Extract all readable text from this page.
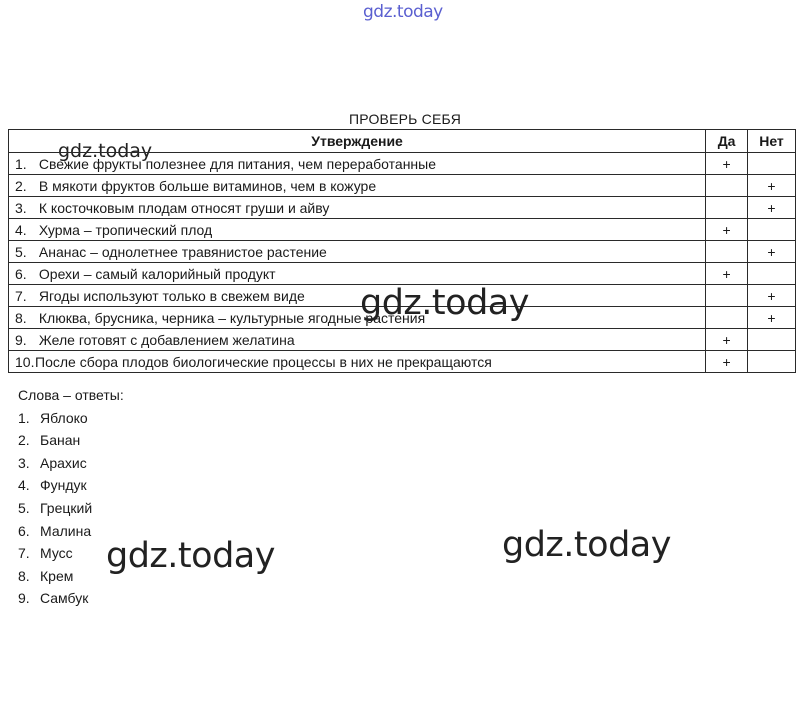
gdz.today
gdz.today
ПРОВЕРЬ СЕБЯ
Утверждение	Да	Нет
1. Свежие фрукты полезнее для питания, чем переработанные	+	
2. В мякоти фруктов больше витаминов, чем в кожуре		+
3. К косточковым плодам относят груши и айву		+
4. Хурма – тропический плод	+	
5. Ананас – однолетнее травянистое растение		+
6. Орехи – самый калорийный продукт	+	
7. Ягоды используют только в свежем виде		+
8. Клюква, брусника, черника – культурные ягодные растения		+
9. Желе готовят с добавлением желатина	+	
10.После сбора плодов биологические процессы в них не прекращаются	+	
gdz.today
Слова – ответы:
1. Яблоко
2. Банан
3. Арахис
4. Фундук
5. Грецкий
6. Малина
7. Мусс
8. Крем
9. Самбук
gdz.today	gdz.today
